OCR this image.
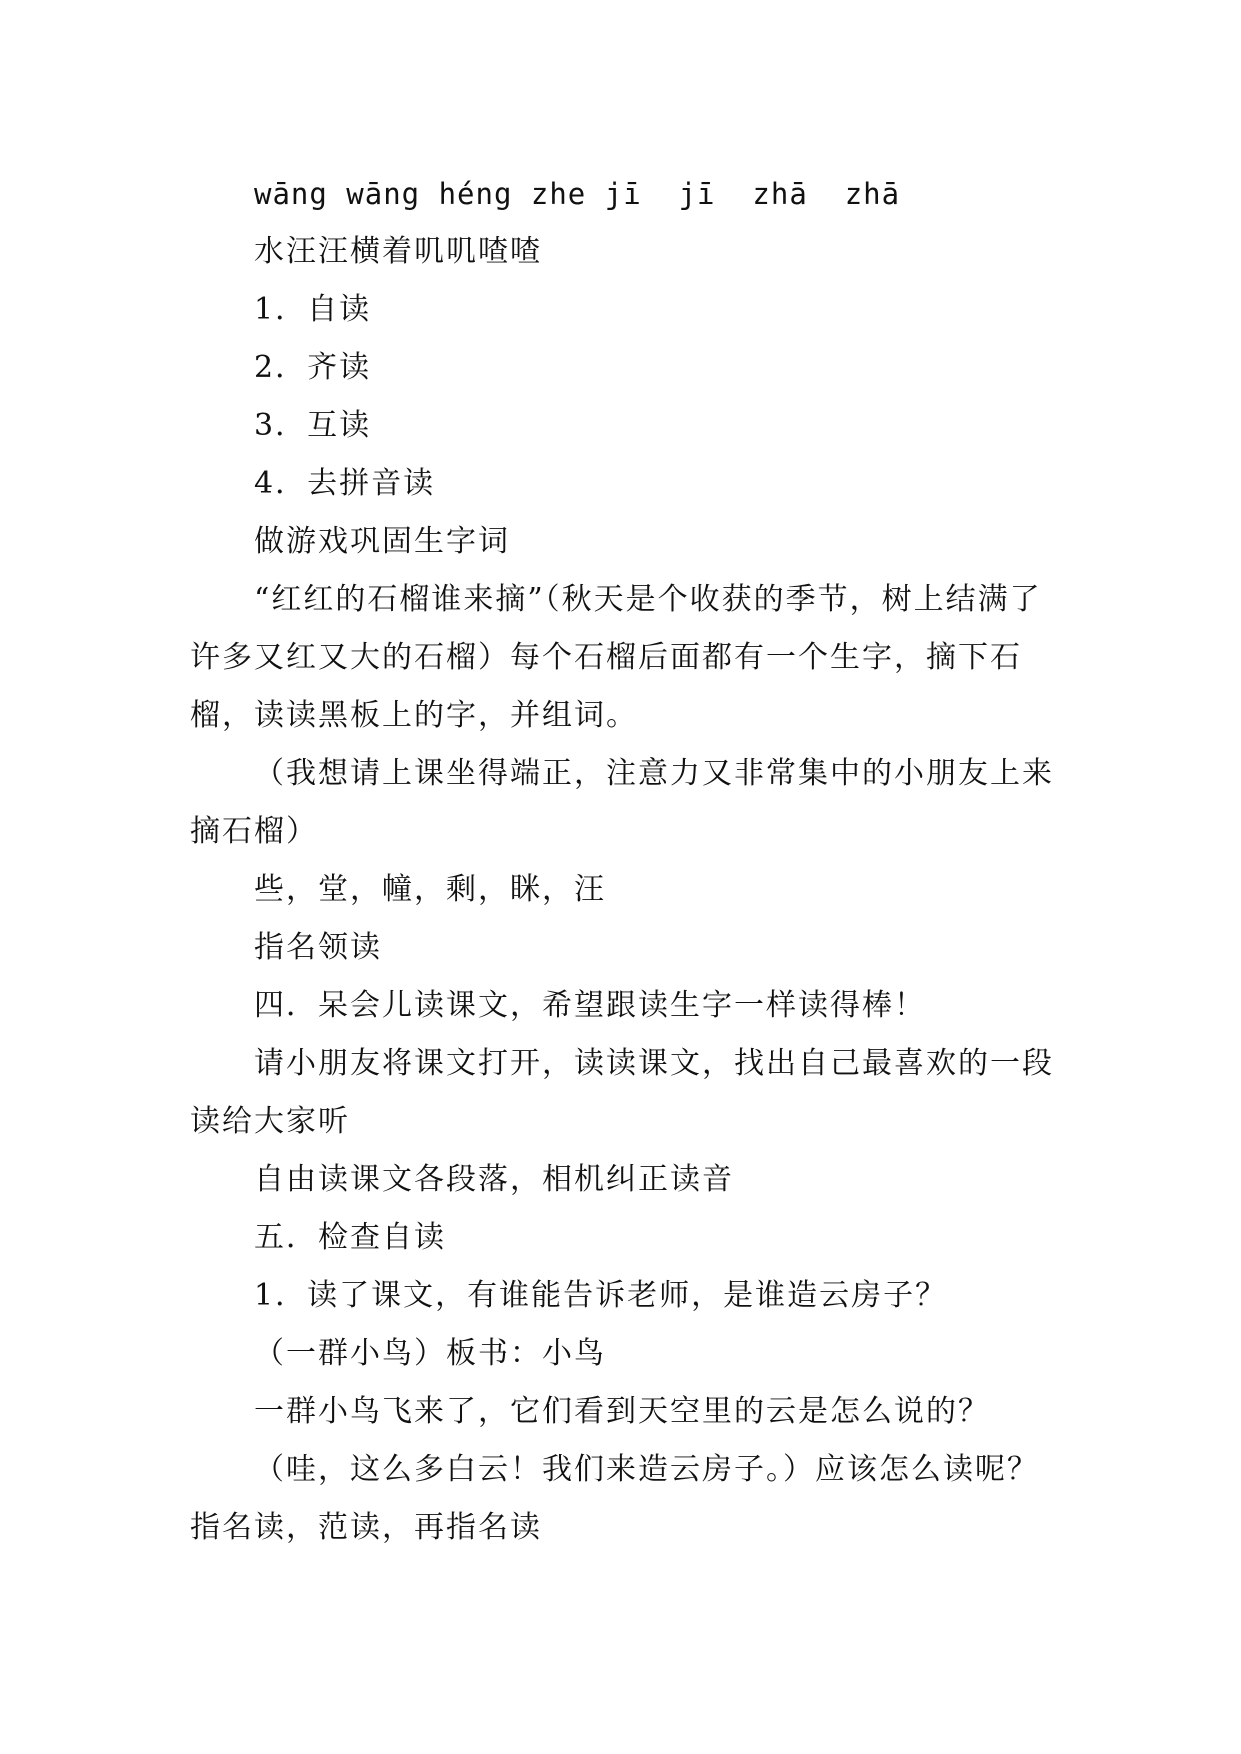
wāng wāng héng zhe jī  jī  zhā  zhā

水汪汪横着叽叽喳喳

1．自读

2．齐读

3．互读

4．去拼音读

做游戏巩固生字词

“红红的石榴谁来摘”（秋天是个收获的季节，树上结满了许多又红又大的石榴）每个石榴后面都有一个生字，摘下石榴，读读黑板上的字，并组词。

（我想请上课坐得端正，注意力又非常集中的小朋友上来摘石榴）

些，堂，幢，剩，眯，汪

指名领读

四．呆会儿读课文，希望跟读生字一样读得棒！

请小朋友将课文打开，读读课文，找出自己最喜欢的一段读给大家听

自由读课文各段落，相机纠正读音

五．检查自读

1．读了课文，有谁能告诉老师，是谁造云房子？

（一群小鸟）板书：小鸟

一群小鸟飞来了，它们看到天空里的云是怎么说的？

（哇，这么多白云！我们来造云房子。）应该怎么读呢？指名读，范读，再指名读
